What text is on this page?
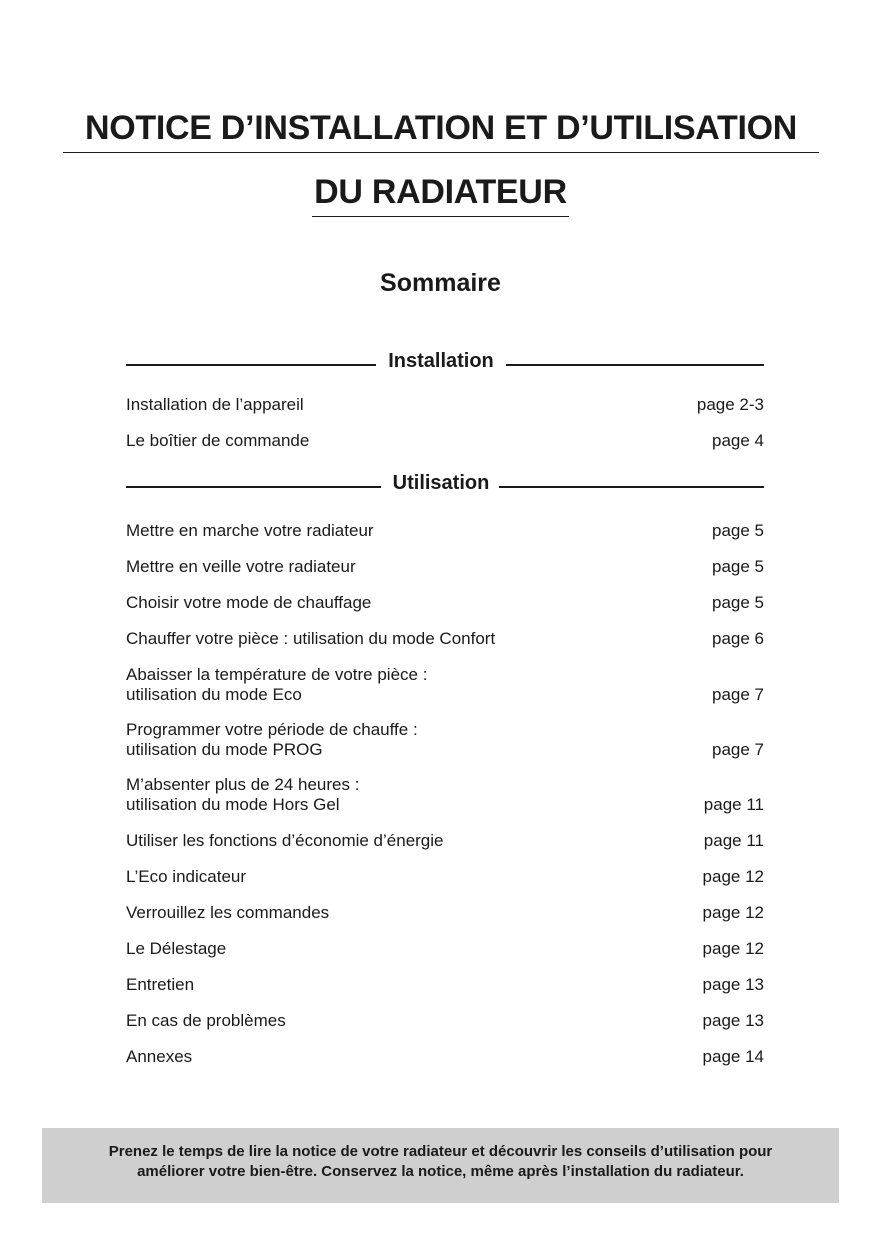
NOTICE D’INSTALLATION ET D’UTILISATION
DU RADIATEUR
Sommaire
Installation
Installation de l’appareil	page 2-3
Le boîtier de commande	page 4
Utilisation
Mettre en marche votre radiateur	page 5
Mettre en veille votre radiateur	page 5
Choisir votre mode de chauffage	page 5
Chauffer votre pièce : utilisation du mode Confort	page 6
Abaisser la température de votre pièce :
utilisation du mode Eco	page 7
Programmer votre période de chauffe :
utilisation du mode PROG	page 7
M’absenter plus de 24 heures :
utilisation du mode Hors Gel	page 11
Utiliser les fonctions d’économie d’énergie	page 11
L’Eco indicateur	page 12
Verrouillez les commandes	page 12
Le Délestage	page 12
Entretien	page 13
En cas de problèmes	page 13
Annexes	page 14
Prenez le temps de lire la notice de votre radiateur et découvrir les conseils d’utilisation pour
améliorer votre bien-être. Conservez la notice, même après l’installation du radiateur.
